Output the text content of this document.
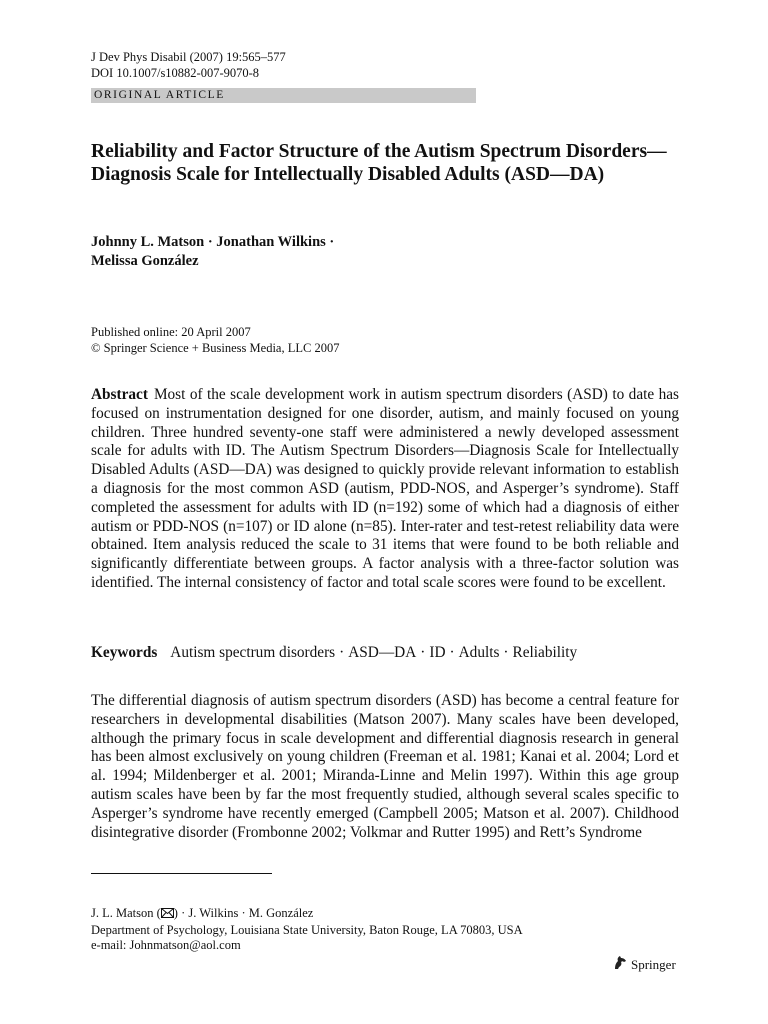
J Dev Phys Disabil (2007) 19:565–577
DOI 10.1007/s10882-007-9070-8
ORIGINAL ARTICLE
Reliability and Factor Structure of the Autism Spectrum Disorders—Diagnosis Scale for Intellectually Disabled Adults (ASD—DA)
Johnny L. Matson · Jonathan Wilkins ·
Melissa González
Published online: 20 April 2007
© Springer Science + Business Media, LLC 2007
Abstract Most of the scale development work in autism spectrum disorders (ASD) to date has focused on instrumentation designed for one disorder, autism, and mainly focused on young children. Three hundred seventy-one staff were administered a newly developed assessment scale for adults with ID. The Autism Spectrum Disorders—Diagnosis Scale for Intellectually Disabled Adults (ASD—DA) was designed to quickly provide relevant information to establish a diagnosis for the most common ASD (autism, PDD-NOS, and Asperger’s syndrome). Staff completed the assessment for adults with ID (n=192) some of which had a diagnosis of either autism or PDD-NOS (n=107) or ID alone (n=85). Inter-rater and test-retest reliability data were obtained. Item analysis reduced the scale to 31 items that were found to be both reliable and significantly differentiate between groups. A factor analysis with a three-factor solution was identified. The internal consistency of factor and total scale scores were found to be excellent.
Keywords Autism spectrum disorders · ASD—DA · ID · Adults · Reliability
The differential diagnosis of autism spectrum disorders (ASD) has become a central feature for researchers in developmental disabilities (Matson 2007). Many scales have been developed, although the primary focus in scale development and differential diagnosis research in general has been almost exclusively on young children (Freeman et al. 1981; Kanai et al. 2004; Lord et al. 1994; Mildenberger et al. 2001; Miranda-Linne and Melin 1997). Within this age group autism scales have been by far the most frequently studied, although several scales specific to Asperger’s syndrome have recently emerged (Campbell 2005; Matson et al. 2007). Childhood disintegrative disorder (Frombonne 2002; Volkmar and Rutter 1995) and Rett’s Syndrome
J. L. Matson ( ) · J. Wilkins · M. González
Department of Psychology, Louisiana State University, Baton Rouge, LA 70803, USA
e-mail: Johnmatson@aol.com
Springer
